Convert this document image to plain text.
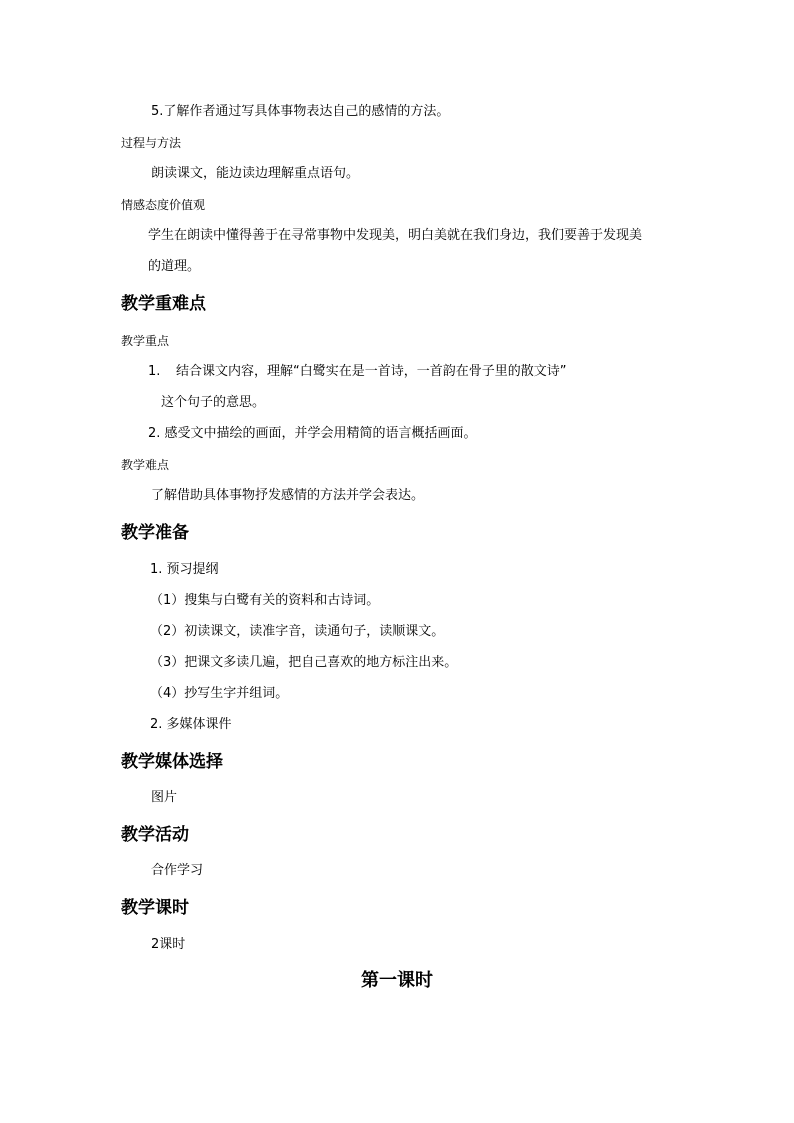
5.了解作者通过写具体事物表达自己的感情的方法。
过程与方法
朗读课文，能边读边理解重点语句。
情感态度价值观
学生在朗读中懂得善于在寻常事物中发现美，明白美就在我们身边，我们要善于发现美
的道理。
教学重难点
教学重点
1. 结合课文内容，理解“白鹭实在是一首诗，一首韵在骨子里的散文诗”
这个句子的意思。
2. 感受文中描绘的画面，并学会用精简的语言概括画面。
教学难点
了解借助具体事物抒发感情的方法并学会表达。
教学准备
1. 预习提纲
（1）搜集与白鹭有关的资料和古诗词。
（2）初读课文，读准字音，读通句子，读顺课文。
（3）把课文多读几遍，把自己喜欢的地方标注出来。
（4）抄写生字并组词。
2. 多媒体课件
教学媒体选择
图片
教学活动
合作学习
教学课时
2课时
第一课时
